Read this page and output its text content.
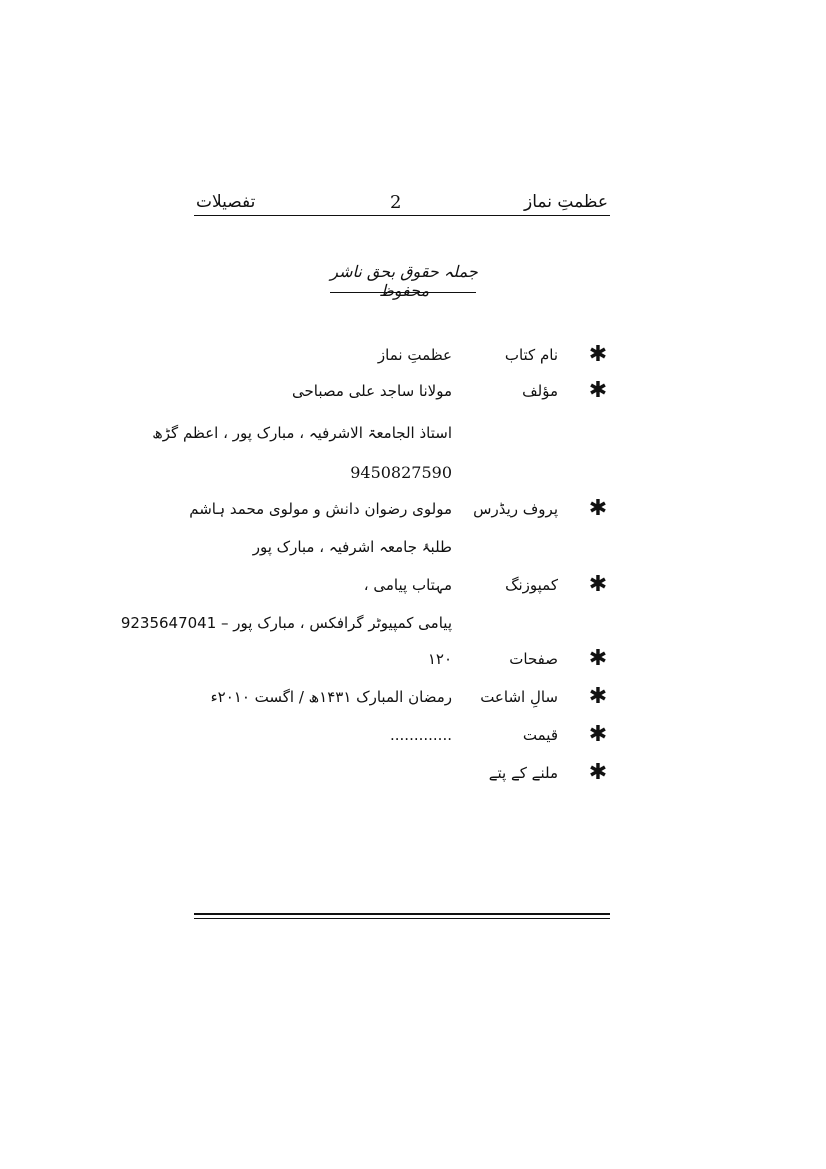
عظمتِ نماز
2
تفصیلات
جملہ حقوق بحق ناشر محفوظ
✱
نام کتاب
عظمتِ نماز
✱
مؤلف
مولانا ساجد علی مصباحی
استاذ الجامعۃ الاشرفیہ ، مبارک پور ، اعظم گڑھ
9450827590
✱
پروف ریڈرس
مولوی رضوان دانش و مولوی محمد ہاشم
طلبۂ جامعہ اشرفیہ ، مبارک پور
✱
کمپوزنگ
مہتاب پیامی ،
پیامی کمپیوٹر گرافکس ، مبارک پور – 9235647041
✱
صفحات
۱۲۰
✱
سالِ اشاعت
رمضان المبارک ۱۴۳۱ھ / اگست ۲۰۱۰ء
✱
قیمت
.............
✱
ملنے کے پتے
